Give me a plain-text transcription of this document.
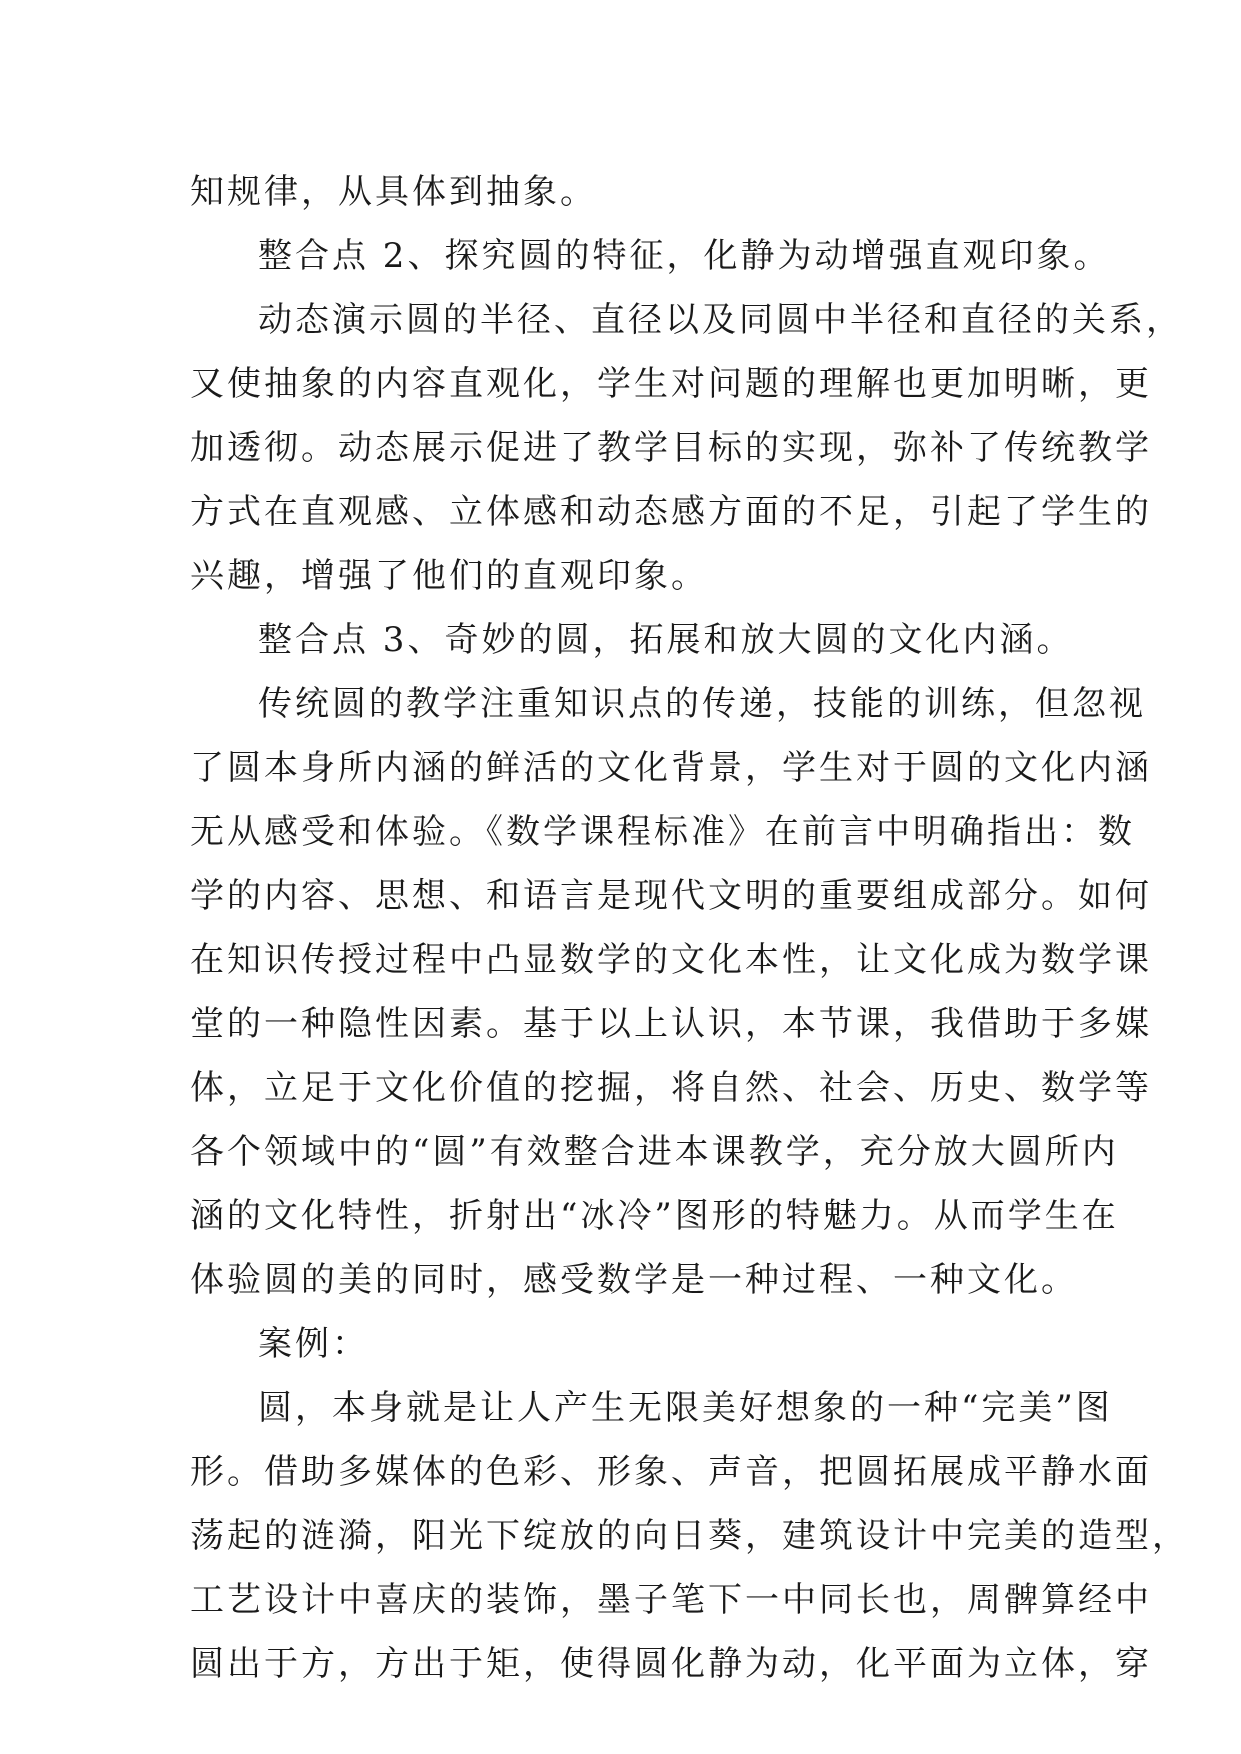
知规律，从具体到抽象。
整合点 2、探究圆的特征，化静为动增强直观印象。
动态演示圆的半径、直径以及同圆中半径和直径的关系，
又使抽象的内容直观化，学生对问题的理解也更加明晰，更
加透彻。动态展示促进了教学目标的实现，弥补了传统教学
方式在直观感、立体感和动态感方面的不足，引起了学生的
兴趣，增强了他们的直观印象。
整合点 3、奇妙的圆，拓展和放大圆的文化内涵。
传统圆的教学注重知识点的传递，技能的训练，但忽视
了圆本身所内涵的鲜活的文化背景，学生对于圆的文化内涵
无从感受和体验。《数学课程标准》在前言中明确指出：数
学的内容、思想、和语言是现代文明的重要组成部分。如何
在知识传授过程中凸显数学的文化本性，让文化成为数学课
堂的一种隐性因素。基于以上认识，本节课，我借助于多媒
体，立足于文化价值的挖掘，将自然、社会、历史、数学等
各个领域中的“圆”有效整合进本课教学，充分放大圆所内
涵的文化特性，折射出“冰冷”图形的特魅力。从而学生在
体验圆的美的同时，感受数学是一种过程、一种文化。
案例：
圆，本身就是让人产生无限美好想象的一种“完美”图
形。借助多媒体的色彩、形象、声音，把圆拓展成平静水面
荡起的涟漪，阳光下绽放的向日葵，建筑设计中完美的造型，
工艺设计中喜庆的装饰，墨子笔下一中同长也，周髀算经中
圆出于方，方出于矩，使得圆化静为动，化平面为立体，穿
